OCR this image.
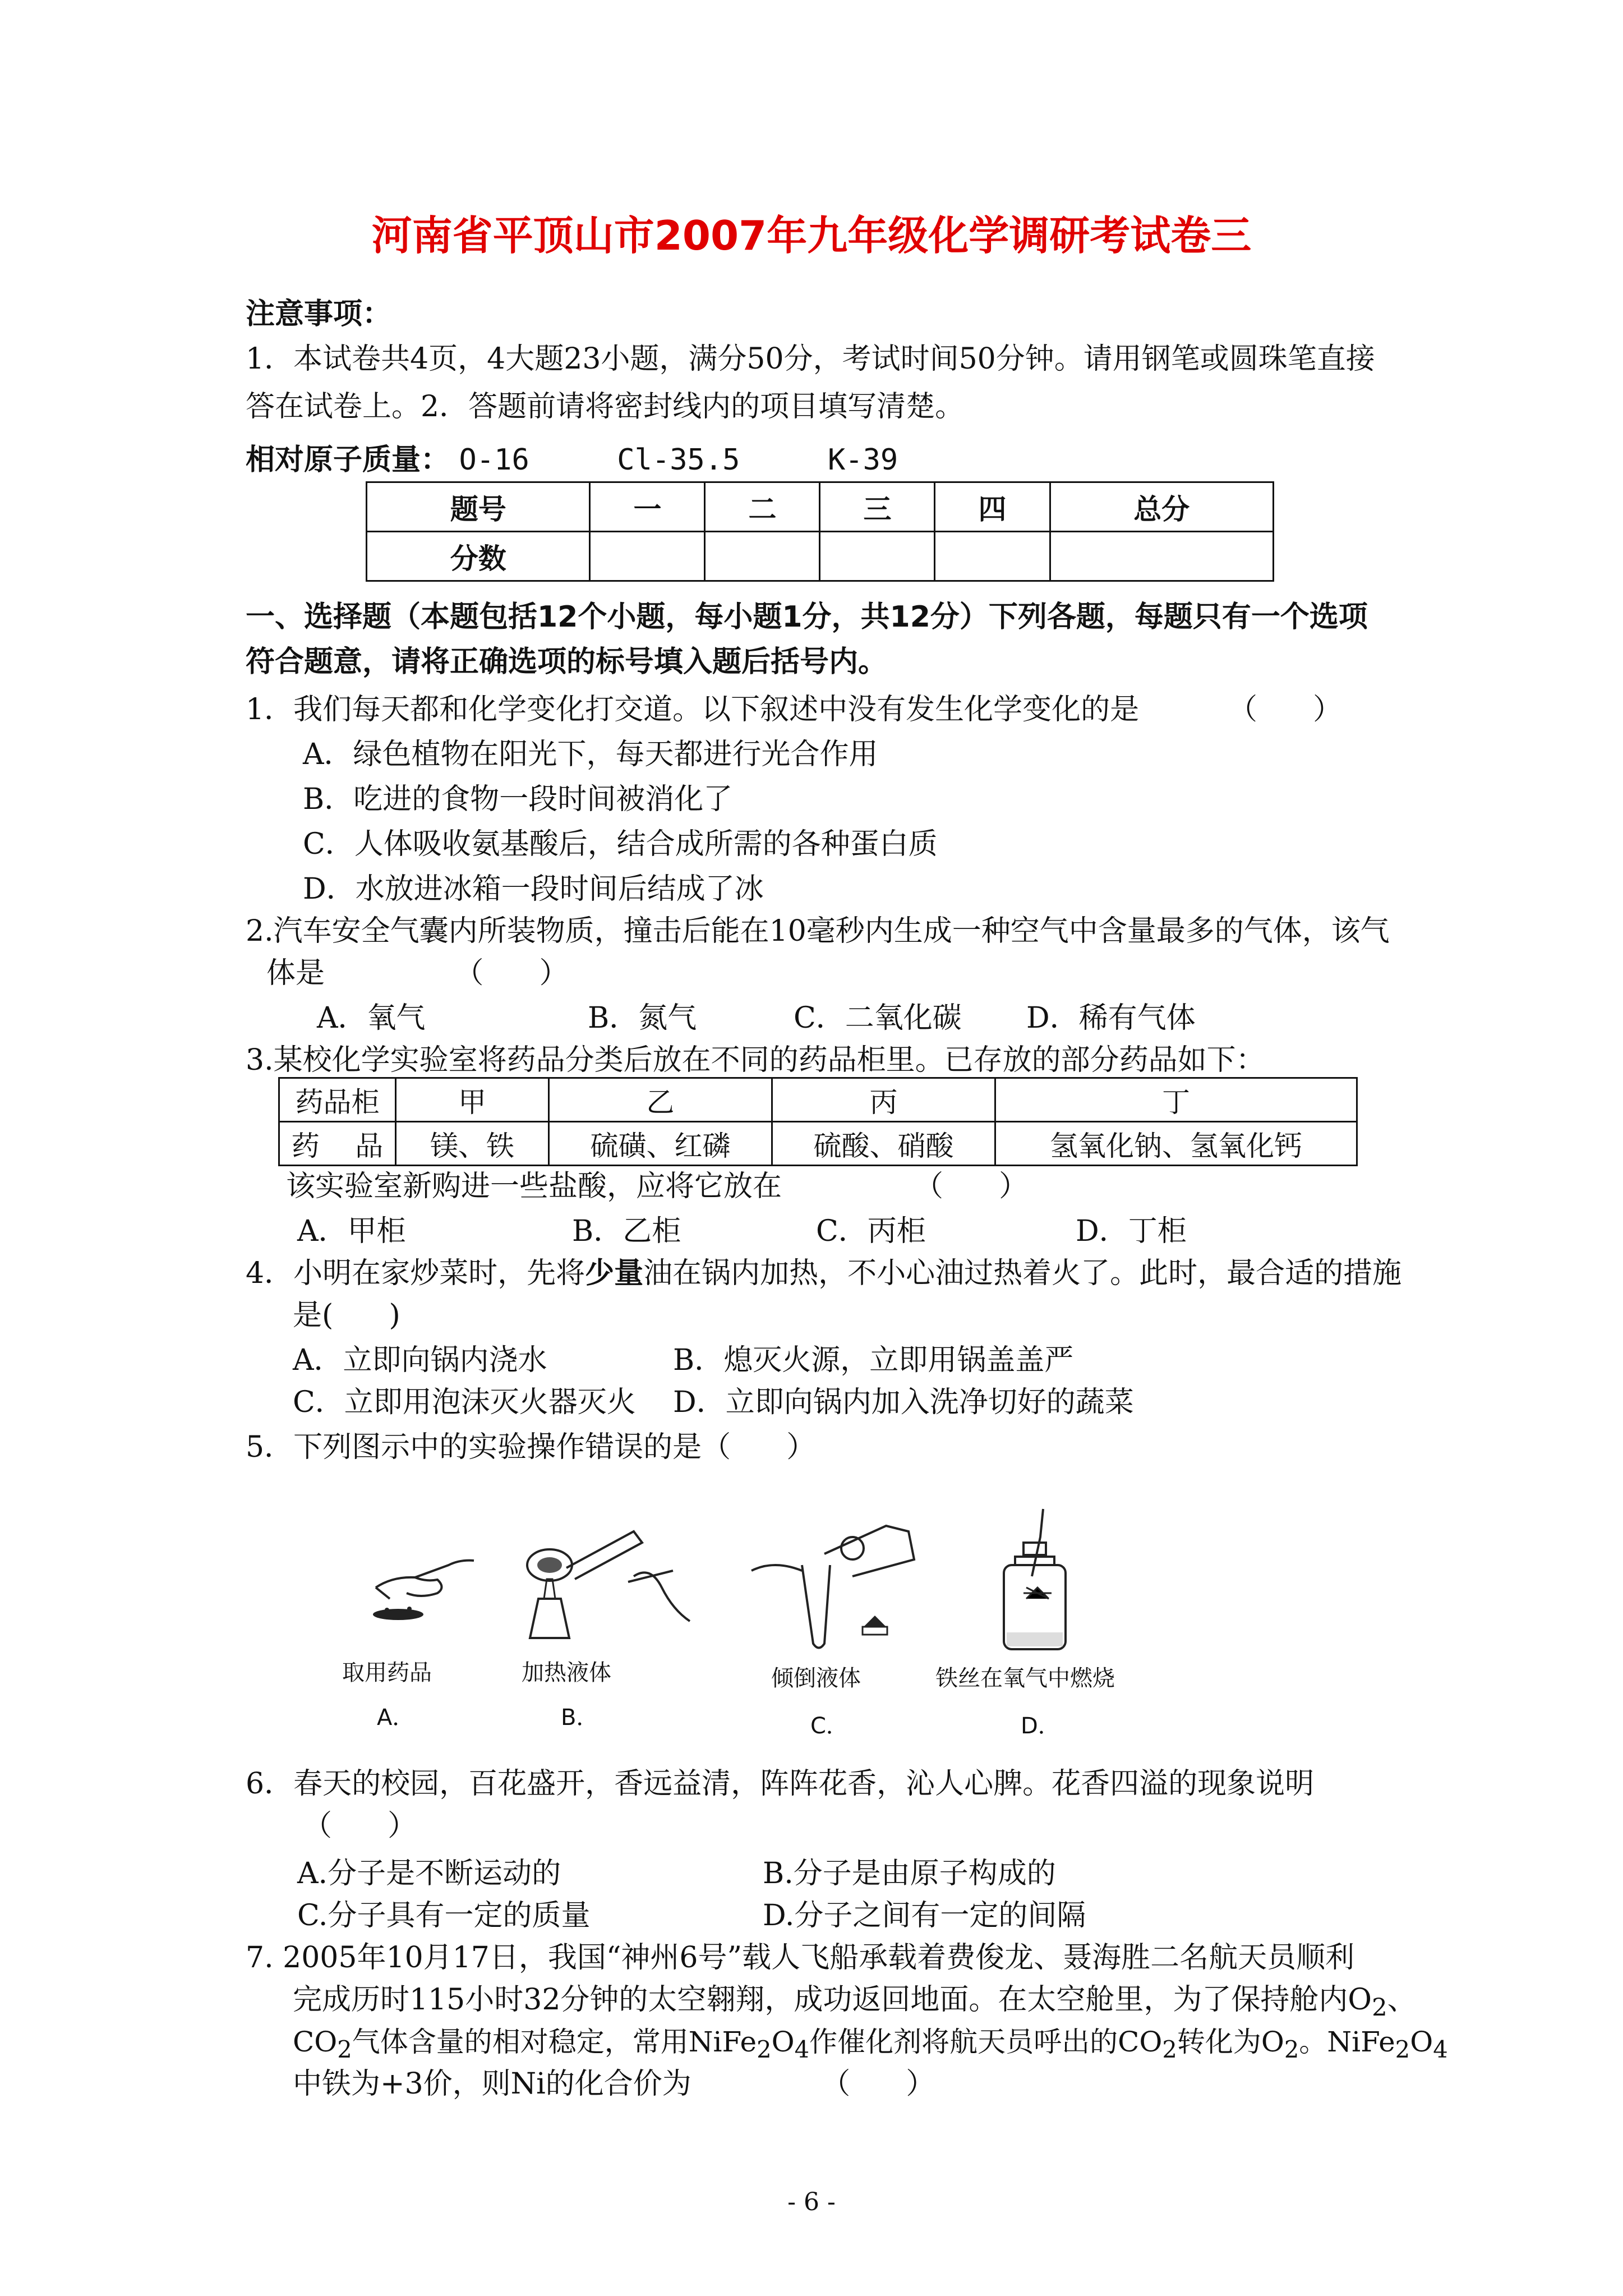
河南省平顶山市2007年九年级化学调研考试卷三
注意事项：
1．本试卷共4页，4大题23小题，满分50分，考试时间50分钟。请用钢笔或圆珠笔直接
答在试卷上。2．答题前请将密封线内的项目填写清楚。
相对原子质量： O-16     Cl-35.5     K-39
题号	一	二	三	四	总分
分数					
一、选择题（本题包括12个小题，每小题1分，共12分）下列各题，每题只有一个选项
符合题意，请将正确选项的标号填入题后括号内。
1．我们每天都和化学变化打交道。以下叙述中没有发生化学变化的是	（      ）
A．绿色植物在阳光下，每天都进行光合作用
B．吃进的食物一段时间被消化了
C．人体吸收氨基酸后，结合成所需的各种蛋白质
D．水放进冰箱一段时间后结成了冰
2.汽车安全气囊内所装物质，撞击后能在10毫秒内生成一种空气中含量最多的气体，该气
体是              （      ）
A．氧气	B．氮气	C．二氧化碳 D．稀有气体
3.某校化学实验室将药品分类后放在不同的药品柜里。已存放的部分药品如下：
药品柜	甲	乙	丙	丁
药    品	镁、铁	硫磺、红磷	硫酸、硝酸	氢氧化钠、氢氧化钙
该实验室新购进一些盐酸，应将它放在	（      ）
A．甲柜	B．乙柜	C．丙柜	D．丁柜
4．小明在家炒菜时，先将少量油在锅内加热，不小心油过热着火了。此时，最合适的措施
是(      )
A．立即向锅内浇水	B．熄灭火源，立即用锅盖盖严
C．立即用泡沫灭火器灭火 D．立即向锅内加入洗净切好的蔬菜
5．下列图示中的实验操作错误的是（      ）
取用药品	加热液体	倾倒液体	铁丝在氧气中燃烧
A．	B．	C．	D．
6．春天的校园，百花盛开，香远益清，阵阵花香，沁人心脾。花香四溢的现象说明
（      ）
A.分子是不断运动的	B.分子是由原子构成的
C.分子具有一定的质量	D.分子之间有一定的间隔
7. 2005年10月17日，我国“神州6号”载人飞船承载着费俊龙、聂海胜二名航天员顺利
完成历时115小时32分钟的太空翱翔，成功返回地面。在太空舱里，为了保持舱内$O_2$、
$CO_2$气体含量的相对稳定，常用$NiFe_2O_4$作催化剂将航天员呼出的$CO_2$转化为$O_2$。$NiFe_2O_4$
中铁为+3价，则Ni的化合价为              （      ）
- 6 -
